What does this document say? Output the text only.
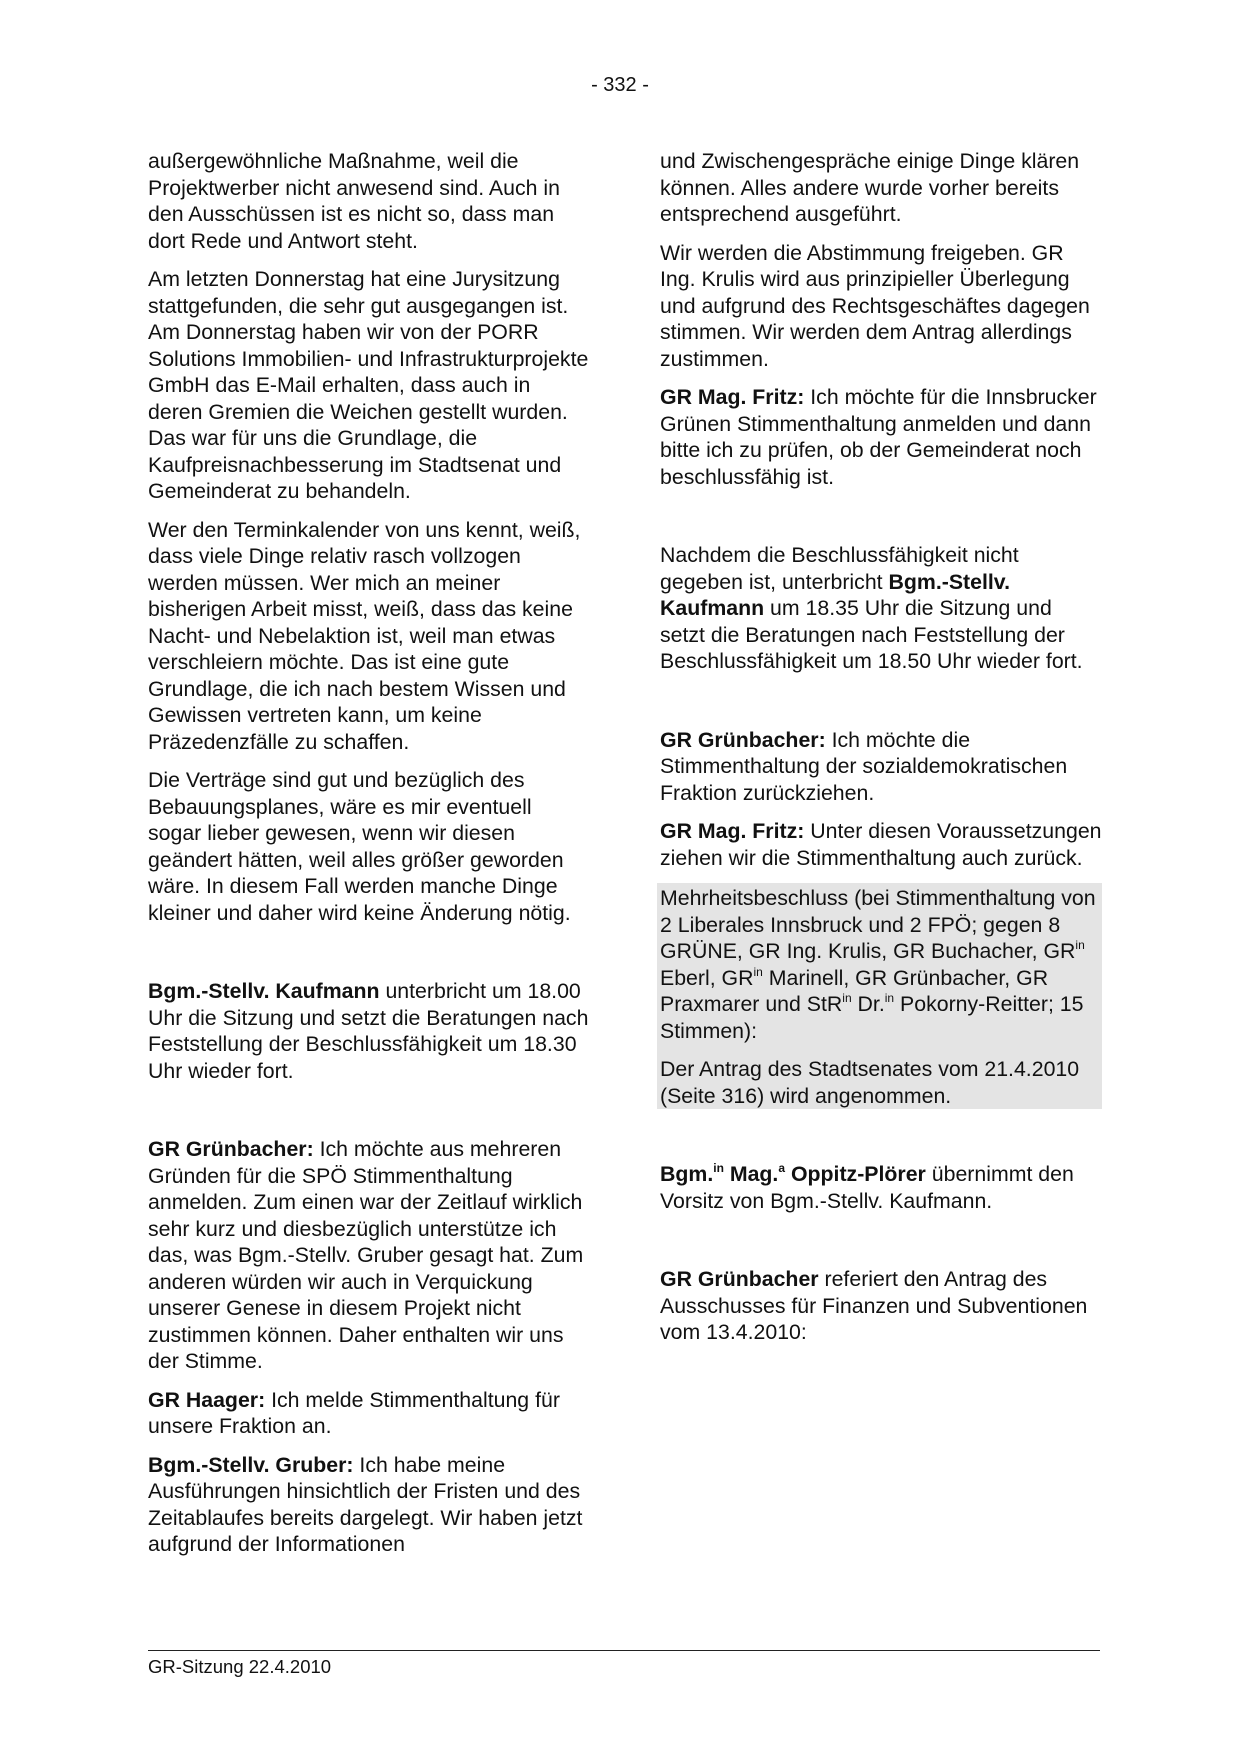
- 332 -

außergewöhnliche Maßnahme, weil die Projektwerber nicht anwesend sind. Auch in den Ausschüssen ist es nicht so, dass man dort Rede und Antwort steht.

Am letzten Donnerstag hat eine Jurysitzung stattgefunden, die sehr gut ausgegangen ist. Am Donnerstag haben wir von der PORR Solutions Immobilien- und Infrastrukturprojekte GmbH das E-Mail erhalten, dass auch in deren Gremien die Weichen gestellt wurden. Das war für uns die Grundlage, die Kaufpreisnachbesserung im Stadtsenat und Gemeinderat zu behandeln.

Wer den Terminkalender von uns kennt, weiß, dass viele Dinge relativ rasch vollzogen werden müssen. Wer mich an meiner bisherigen Arbeit misst, weiß, dass das keine Nacht- und Nebelaktion ist, weil man etwas verschleiern möchte. Das ist eine gute Grundlage, die ich nach bestem Wissen und Gewissen vertreten kann, um keine Präzedenzfälle zu schaffen.

Die Verträge sind gut und bezüglich des Bebauungsplanes, wäre es mir eventuell sogar lieber gewesen, wenn wir diesen geändert hätten, weil alles größer geworden wäre. In diesem Fall werden manche Dinge kleiner und daher wird keine Änderung nötig.

Bgm.-Stellv. Kaufmann unterbricht um 18.00 Uhr die Sitzung und setzt die Beratungen nach Feststellung der Beschlussfähigkeit um 18.30 Uhr wieder fort.

GR Grünbacher: Ich möchte aus mehreren Gründen für die SPÖ Stimmenthaltung anmelden. Zum einen war der Zeitlauf wirklich sehr kurz und diesbezüglich unterstütze ich das, was Bgm.-Stellv. Gruber gesagt hat. Zum anderen würden wir auch in Verquickung unserer Genese in diesem Projekt nicht zustimmen können. Daher enthalten wir uns der Stimme.

GR Haager: Ich melde Stimmenthaltung für unsere Fraktion an.

Bgm.-Stellv. Gruber: Ich habe meine Ausführungen hinsichtlich der Fristen und des Zeitablaufes bereits dargelegt. Wir haben jetzt aufgrund der Informationen

und Zwischengespräche einige Dinge klären können. Alles andere wurde vorher bereits entsprechend ausgeführt.

Wir werden die Abstimmung freigeben. GR Ing. Krulis wird aus prinzipieller Überlegung und aufgrund des Rechtsgeschäftes dagegen stimmen. Wir werden dem Antrag allerdings zustimmen.

GR Mag. Fritz: Ich möchte für die Innsbrucker Grünen Stimmenthaltung anmelden und dann bitte ich zu prüfen, ob der Gemeinderat noch beschlussfähig ist.

Nachdem die Beschlussfähigkeit nicht gegeben ist, unterbricht Bgm.-Stellv. Kaufmann um 18.35 Uhr die Sitzung und setzt die Beratungen nach Feststellung der Beschlussfähigkeit um 18.50 Uhr wieder fort.

GR Grünbacher: Ich möchte die Stimmenthaltung der sozialdemokratischen Fraktion zurückziehen.

GR Mag. Fritz: Unter diesen Voraussetzungen ziehen wir die Stimmenthaltung auch zurück.

Mehrheitsbeschluss (bei Stimmenthaltung von 2 Liberales Innsbruck und 2 FPÖ; gegen 8 GRÜNE, GR Ing. Krulis, GR Buchacher, $GR^{in}$ Eberl, $GR^{in}$ Marinell, GR Grünbacher, GR Praxmarer und StR$^{in}$ Dr.$^{in}$ Pokorny-Reitter; 15 Stimmen):

Der Antrag des Stadtsenates vom 21.4.2010 (Seite 316) wird angenommen.

Bgm.$^{in}$ Mag.$^a$ Oppitz-Plörer übernimmt den Vorsitz von Bgm.-Stellv. Kaufmann.

GR Grünbacher referiert den Antrag des Ausschusses für Finanzen und Subventionen vom 13.4.2010:

GR-Sitzung 22.4.2010
